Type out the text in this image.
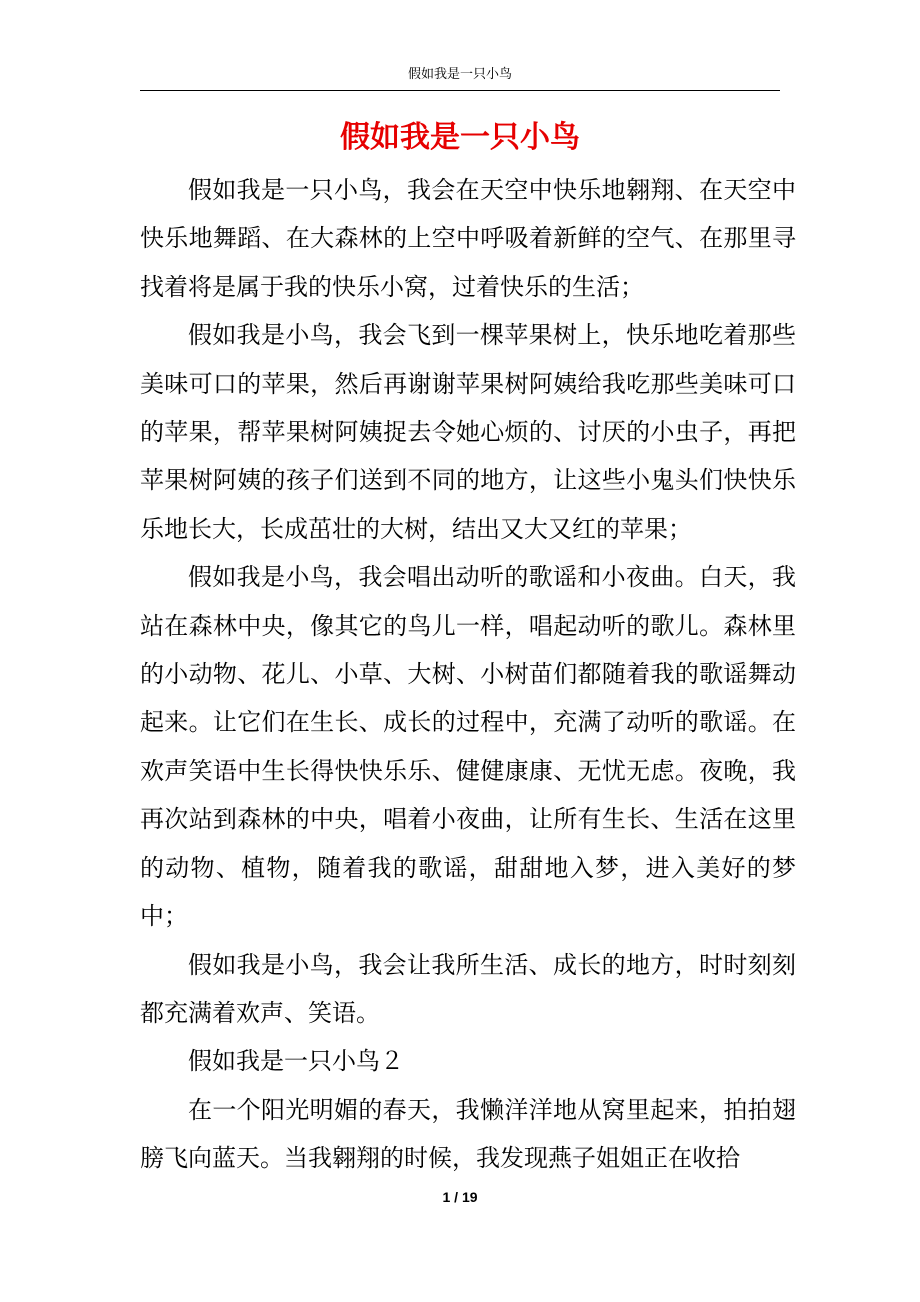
假如我是一只小鸟
假如我是一只小鸟

假如我是一只小鸟，我会在天空中快乐地翱翔、在天空中快乐地舞蹈、在大森林的上空中呼吸着新鲜的空气、在那里寻找着将是属于我的快乐小窝，过着快乐的生活；

假如我是小鸟，我会飞到一棵苹果树上，快乐地吃着那些美味可口的苹果，然后再谢谢苹果树阿姨给我吃那些美味可口的苹果，帮苹果树阿姨捉去令她心烦的、讨厌的小虫子，再把苹果树阿姨的孩子们送到不同的地方，让这些小鬼头们快快乐乐地长大，长成茁壮的大树，结出又大又红的苹果；

假如我是小鸟，我会唱出动听的歌谣和小夜曲。白天，我站在森林中央，像其它的鸟儿一样，唱起动听的歌儿。森林里的小动物、花儿、小草、大树、小树苗们都随着我的歌谣舞动起来。让它们在生长、成长的过程中，充满了动听的歌谣。在欢声笑语中生长得快快乐乐、健健康康、无忧无虑。夜晚，我再次站到森林的中央，唱着小夜曲，让所有生长、生活在这里的动物、植物，随着我的歌谣，甜甜地入梦，进入美好的梦中；

假如我是小鸟，我会让我所生活、成长的地方，时时刻刻都充满着欢声、笑语。

假如我是一只小鸟２

在一个阳光明媚的春天，我懒洋洋地从窝里起来，拍拍翅膀飞向蓝天。当我翱翔的时候，我发现燕子姐姐正在收拾

1 / 19
